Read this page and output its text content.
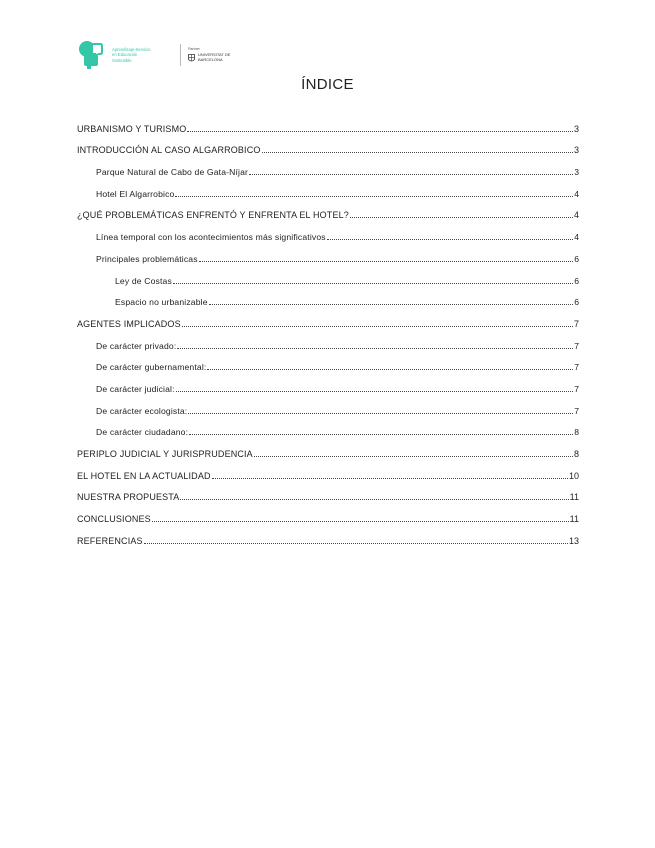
Aprendizaje-Servicio
en Educación
Sostenible
Partner
UNIVERSITAT DE
BARCELONA
ÍNDICE
URBANISMO Y TURISMO	3
INTRODUCCIÓN AL CASO ALGARROBICO	3
Parque Natural de Cabo de Gata-Níjar	3
Hotel El Algarrobico	4
¿QUÉ PROBLEMÁTICAS ENFRENTÓ Y ENFRENTA EL HOTEL?	4
Línea temporal con los acontecimientos más significativos	4
Principales problemáticas	6
Ley de Costas	6
Espacio no urbanizable	6
AGENTES IMPLICADOS	7
De carácter privado:	7
De carácter gubernamental:	7
De carácter judicial:	7
De carácter ecologista:	7
De carácter ciudadano:	8
PERIPLO JUDICIAL Y JURISPRUDENCIA	8
EL HOTEL EN LA ACTUALIDAD	10
NUESTRA PROPUESTA	11
CONCLUSIONES	11
REFERENCIAS	13
